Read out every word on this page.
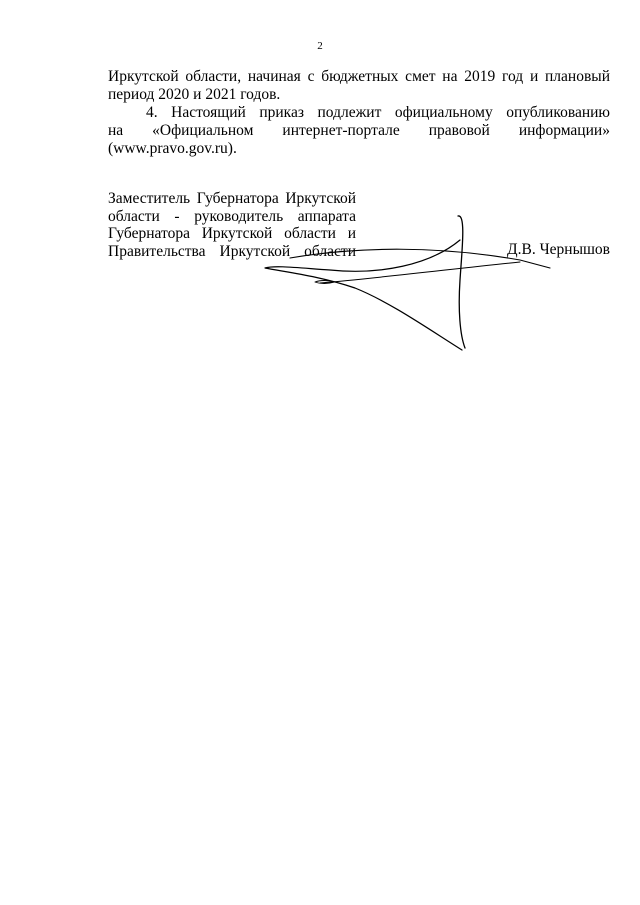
2
Иркутской области, начиная с бюджетных смет на 2019 год и плановый
период 2020 и 2021 годов.
4. Настоящий приказ подлежит официальному опубликованию
на «Официальном интернет-портале правовой информации»
(www.pravo.gov.ru).
Заместитель Губернатора Иркутской
области - руководитель аппарата
Губернатора Иркутской области и
Правительства Иркутской области	Д.В. Чернышов
